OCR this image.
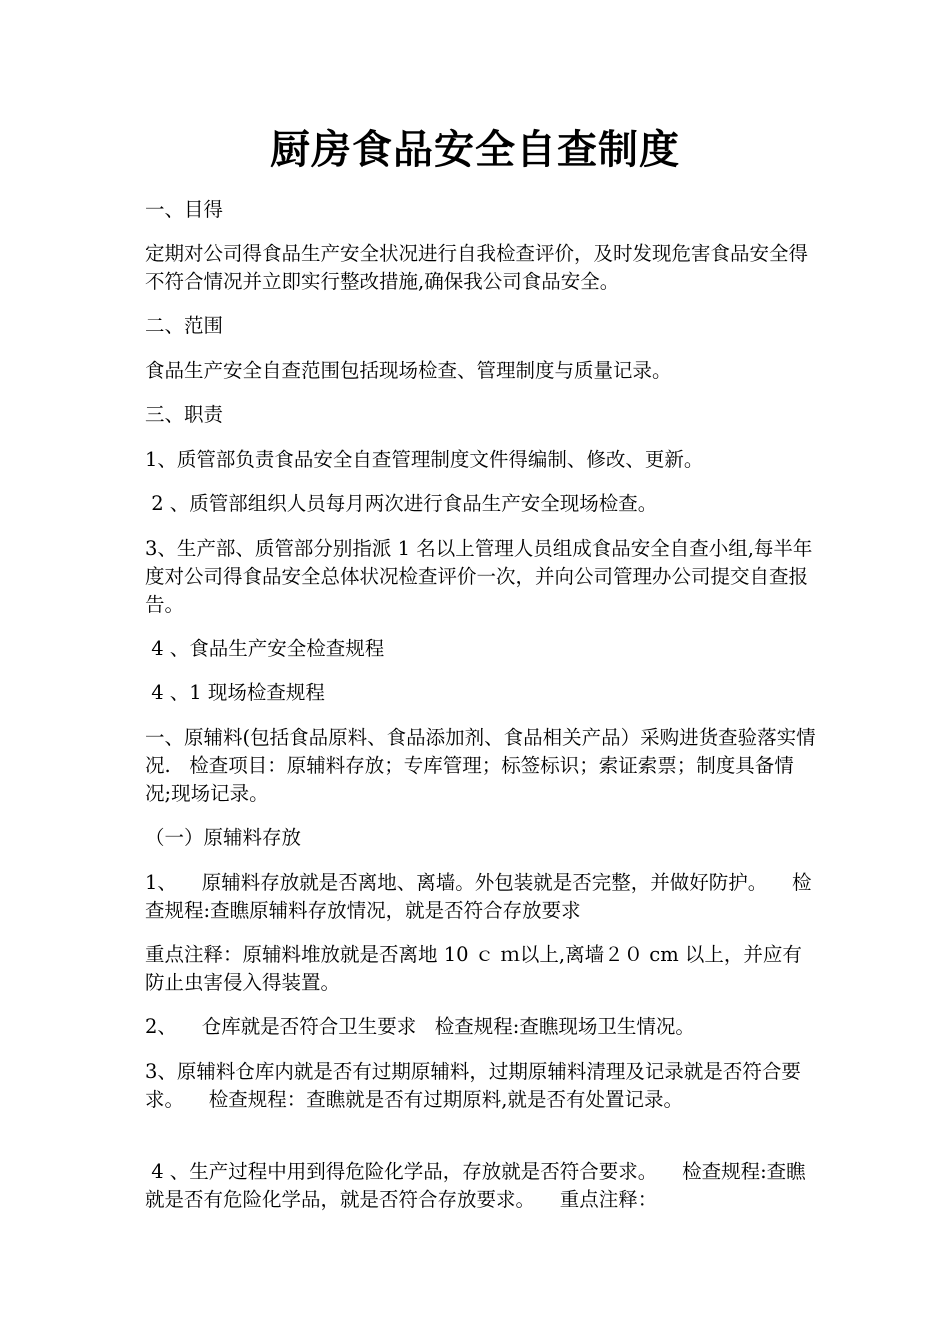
厨房食品安全自查制度

一、目得

定期对公司得食品生产安全状况进行自我检查评价，及时发现危害食品安全得不符合情况并立即实行整改措施,确保我公司食品安全。

二、范围

食品生产安全自查范围包括现场检查、管理制度与质量记录。

三、职责

1、质管部负责食品安全自查管理制度文件得编制、修改、更新。

2 、质管部组织人员每月两次进行食品生产安全现场检查。

3、生产部、质管部分别指派 1 名以上管理人员组成食品安全自查小组,每半年度对公司得食品安全总体状况检查评价一次，并向公司管理办公司提交自查报告。

4 、食品生产安全检查规程

4 、1 现场检查规程

一、原辅料(包括食品原料、食品添加剂、食品相关产品）采购进货查验落实情况.   检查项目：原辅料存放；专库管理；标签标识；索证索票；制度具备情况;现场记录。

（一）原辅料存放

1、    原辅料存放就是否离地、离墙。外包装就是否完整，并做好防护。    检查规程:查瞧原辅料存放情况，就是否符合存放要求

重点注释：原辅料堆放就是否离地 10 ｃ ｍ以上,离墙２０ cm 以上，并应有防止虫害侵入得装置。

2、    仓库就是否符合卫生要求   检查规程:查瞧现场卫生情况。

3、原辅料仓库内就是否有过期原辅料，过期原辅料清理及记录就是否符合要求。    检查规程：查瞧就是否有过期原料,就是否有处置记录。

4 、生产过程中用到得危险化学品，存放就是否符合要求。    检查规程:查瞧就是否有危险化学品，就是否符合存放要求。    重点注释：
